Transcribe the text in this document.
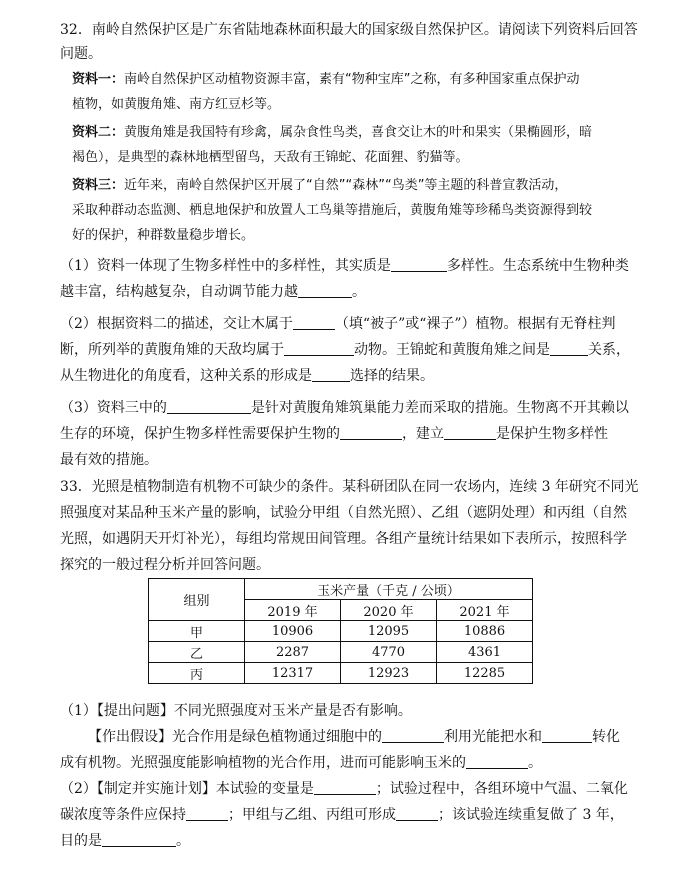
32．南岭自然保护区是广东省陆地森林面积最大的国家级自然保护区。请阅读下列资料后回答
问题。
资料一：南岭自然保护区动植物资源丰富，素有“物种宝库”之称，有多种国家重点保护动
植物，如黄腹角雉、南方红豆杉等。
资料二：黄腹角雉是我国特有珍禽，属杂食性鸟类，喜食交让木的叶和果实（果椭圆形，暗
褐色），是典型的森林地栖型留鸟，天敌有王锦蛇、花面狸、豹猫等。
资料三：近年来，南岭自然保护区开展了“自然”“森林”“鸟类”等主题的科普宣教活动，
采取种群动态监测、栖息地保护和放置人工鸟巢等措施后，黄腹角雉等珍稀鸟类资源得到较
好的保护，种群数量稳步增长。
（1）资料一体现了生物多样性中的多样性，其实质是	多样性。生态系统中生物种类
越丰富，结构越复杂，自动调节能力越	。
（2）根据资料二的描述，交让木属于	（填“被子”或“裸子”）植物。根据有无脊柱判
断，所列举的黄腹角雉的天敌均属于	动物。王锦蛇和黄腹角雉之间是	关系，
从生物进化的角度看，这种关系的形成是	选择的结果。
（3）资料三中的	是针对黄腹角雉筑巢能力差而采取的措施。生物离不开其赖以
生存的环境，保护生物多样性需要保护生物的	，建立	是保护生物多样性
最有效的措施。
33．光照是植物制造有机物不可缺少的条件。某科研团队在同一农场内，连续 3 年研究不同光
照强度对某品种玉米产量的影响，试验分甲组（自然光照）、乙组（遮阴处理）和丙组（自然
光照，如遇阴天开灯补光），每组均常规田间管理。各组产量统计结果如下表所示，按照科学
探究的一般过程分析并回答问题。
组别	玉米产量（千克 / 公顷）		
	2019 年	2020 年	2021 年
甲	10906	12095	10886
乙	2287	4770	4361
丙	12317	12923	12285
（1）【提出问题】不同光照强度对玉米产量是否有影响。
【作出假设】光合作用是绿色植物通过细胞中的	利用光能把水和	转化
成有机物。光照强度能影响植物的光合作用，进而可能影响玉米的	。
（2）【制定并实施计划】本试验的变量是	；试验过程中，各组环境中气温、二氧化
碳浓度等条件应保持	；甲组与乙组、丙组可形成	；该试验连续重复做了 3 年，
目的是	。
